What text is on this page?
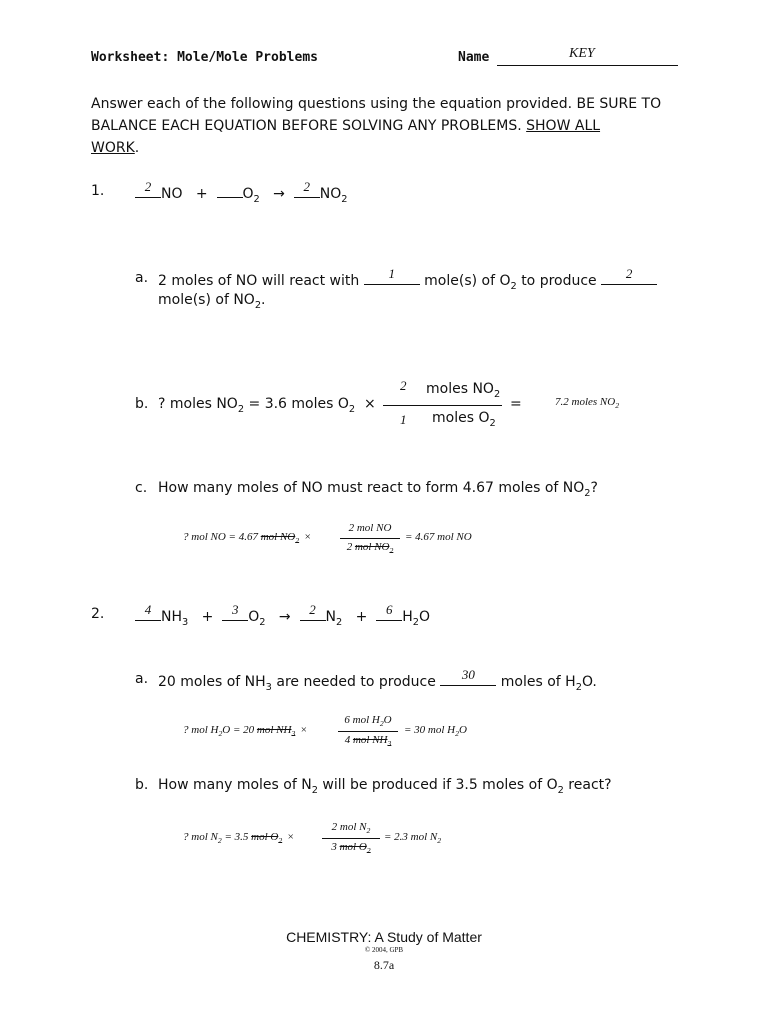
Worksheet: Mole/Mole Problems	Name	KEY
Answer each of the following questions using the equation provided. BE SURE TO
BALANCE EACH EQUATION BEFORE SOLVING ANY PROBLEMS. SHOW ALL
WORK.
1.	2 NO + $O_2$ →	2 $NO_2$
a. 2 moles of NO will react with	1	mole(s) of $O_2$ to produce	2
mole(s) of $NO_2$.
b. ? moles $NO_2 = 3.6$ moles $O_2$ ×
2 moles $NO_2$
1 moles $O_2$
=	7.2 moles $NO_2$
c. How many moles of NO must react to form 4.67 moles of $NO_2$?
? mol NO = 4.67 mol $NO_2$ ×
2 mol NO
2 mol $NO_2$
= 4.67 mol NO
2.	4 $NH_3$ +	3 $O_2$ →	2 $N_2$ +	6 $H_2O$
a. 20 moles of $NH_3$ are needed to produce	30	moles of $H_2O$.
? mol $H_2O = 20$ mol $NH_3$ ×
6 mol $H_2O$
4 mol $NH_3$
= 30 mol $H_2O$
b. How many moles of $N_2$ will be produced if 3.5 moles of $O_2$ react?
? mol $N_2 = 3.5$ mol $O_2$ ×
2 mol $N_2$
3 mol $O_2$
= 2.3 mol $N_2$
CHEMISTRY: A Study of Matter
© 2004, GPB
8.7a
